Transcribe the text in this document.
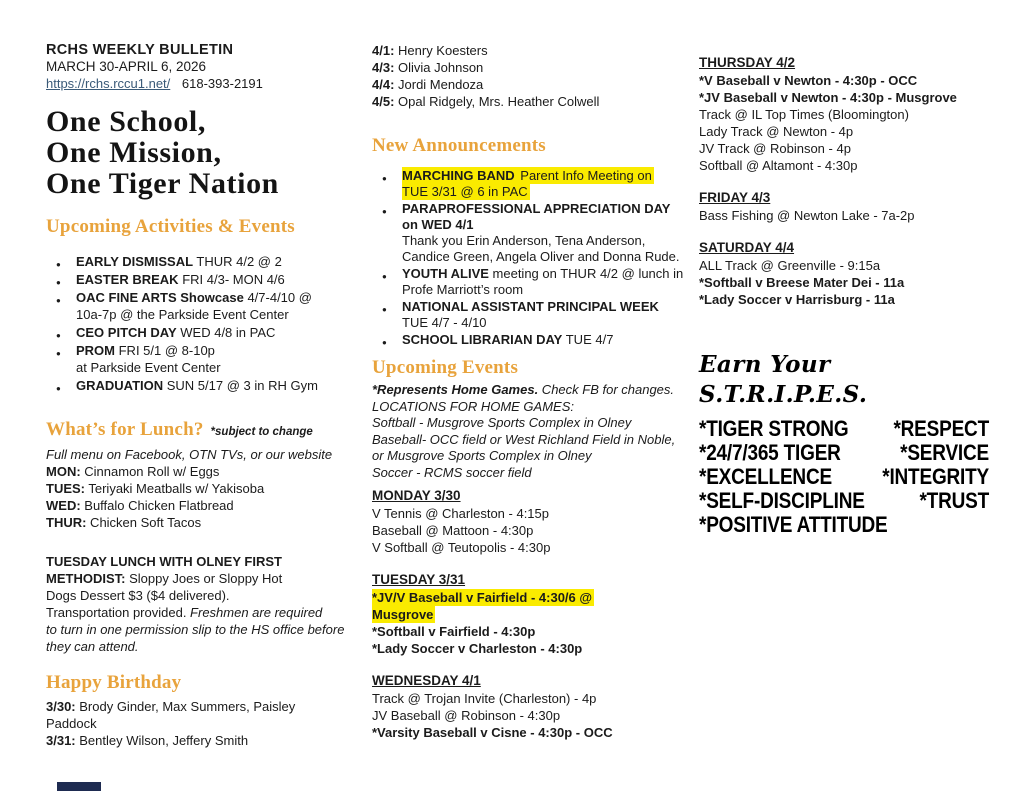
RCHS WEEKLY BULLETIN
MARCH 30-APRIL 6, 2026
https://rchs.rccu1.net/ 618-393-2191
One School,
One Mission,
One Tiger Nation
Upcoming Activities & Events
● EARLY DISMISSAL THUR 4/2 @ 2
● EASTER BREAK FRI 4/3- MON 4/6
● OAC FINE ARTS Showcase 4/7-4/10 @
10a-7p @ the Parkside Event Center
● CEO PITCH DAY WED 4/8 in PAC
● PROM FRI 5/1 @ 8-10p
at Parkside Event Center
● GRADUATION SUN 5/17 @ 3 in RH Gym
What’s for Lunch? *subject to change
Full menu on Facebook, OTN TVs, or our website
MON: Cinnamon Roll w/ Eggs
TUES: Teriyaki Meatballs w/ Yakisoba
WED: Buffalo Chicken Flatbread
THUR: Chicken Soft Tacos
TUESDAY LUNCH WITH OLNEY FIRST
METHODIST: Sloppy Joes or Sloppy Hot
Dogs Dessert $3 ($4 delivered).
Transportation provided. Freshmen are required
to turn in one permission slip to the HS office before
they can attend.
Happy Birthday
3/30: Brody Ginder, Max Summers, Paisley
Paddock
3/31: Bentley Wilson, Jeffery Smith
4/1: Henry Koesters
4/3: Olivia Johnson
4/4: Jordi Mendoza
4/5: Opal Ridgely, Mrs. Heather Colwell
New Announcements
● MARCHING BAND Parent Info Meeting on
TUE 3/31 @ 6 in PAC
● PARAPROFESSIONAL APPRECIATION DAY
on WED 4/1
Thank you Erin Anderson, Tena Anderson,
Candice Green, Angela Oliver and Donna Rude.
● YOUTH ALIVE meeting on THUR 4/2 @ lunch in
Profe Marriott’s room
● NATIONAL ASSISTANT PRINCIPAL WEEK
TUE 4/7 - 4/10
● SCHOOL LIBRARIAN DAY TUE 4/7
Upcoming Events
*Represents Home Games. Check FB for changes.
LOCATIONS FOR HOME GAMES:
Softball - Musgrove Sports Complex in Olney
Baseball- OCC field or West Richland Field in Noble,
or Musgrove Sports Complex in Olney
Soccer - RCMS soccer field
MONDAY 3/30
V Tennis @ Charleston - 4:15p
Baseball @ Mattoon - 4:30p
V Softball @ Teutopolis - 4:30p
TUESDAY 3/31
*JV/V Baseball v Fairfield - 4:30/6 @
Musgrove
*Softball v Fairfield - 4:30p
*Lady Soccer v Charleston - 4:30p
WEDNESDAY 4/1
Track @ Trojan Invite (Charleston) - 4p
JV Baseball @ Robinson - 4:30p
*Varsity Baseball v Cisne - 4:30p - OCC
THURSDAY 4/2
*V Baseball v Newton - 4:30p - OCC
*JV Baseball v Newton - 4:30p - Musgrove
Track @ IL Top Times (Bloomington)
Lady Track @ Newton - 4p
JV Track @ Robinson - 4p
Softball @ Altamont - 4:30p
FRIDAY 4/3
Bass Fishing @ Newton Lake - 7a-2p
SATURDAY 4/4
ALL Track @ Greenville - 9:15a
*Softball v Breese Mater Dei - 11a
*Lady Soccer v Harrisburg - 11a
Earn Your S.T.R.I.P.E.S.
*TIGER STRONG *RESPECT
*24/7/365 TIGER	*SERVICE
*EXCELLENCE	*INTEGRITY
*SELF-DISCIPLINE	*TRUST
*POSITIVE ATTITUDE
